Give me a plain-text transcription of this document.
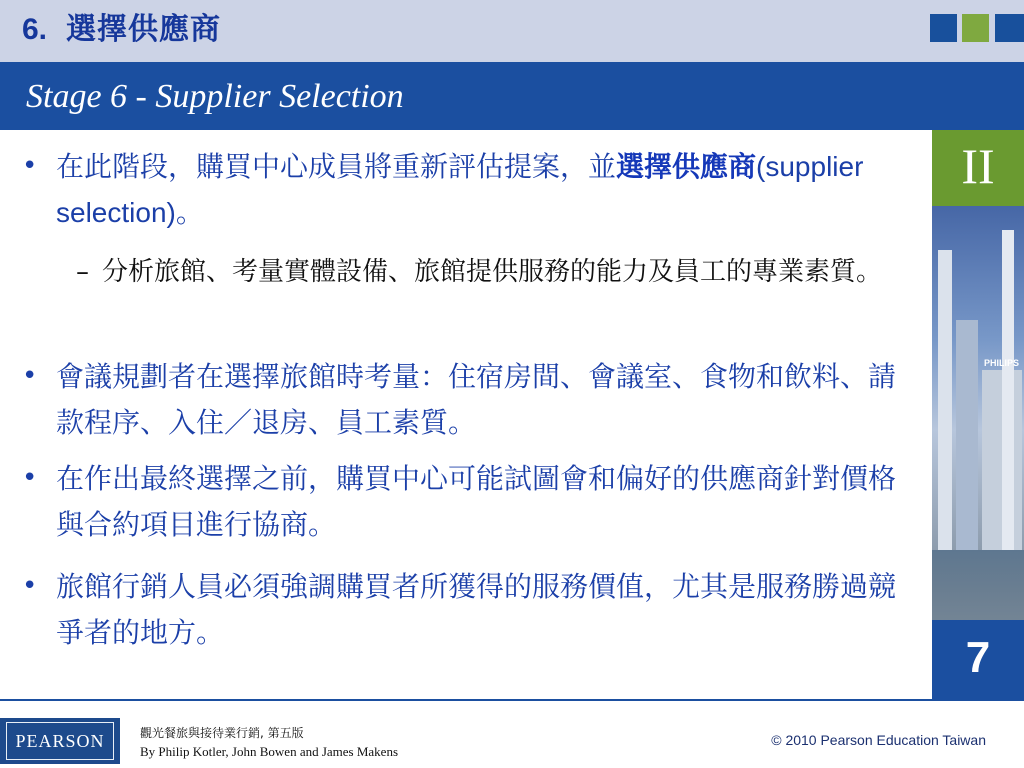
6. 選擇供應商
Stage 6 - Supplier Selection
II
PHILIPS
7
• 在此階段，購買中心成員將重新評估提案，並選擇供應商(supplier selection)。
– 分析旅館、考量實體設備、旅館提供服務的能力及員工的專業素質。
• 會議規劃者在選擇旅館時考量：住宿房間、會議室、食物和飲料、請款程序、入住／退房、員工素質。
• 在作出最終選擇之前，購買中心可能試圖會和偏好的供應商針對價格與合約項目進行協商。
• 旅館行銷人員必須強調購買者所獲得的服務價值，尤其是服務勝過競爭者的地方。
PEARSON	觀光餐旅與接待業行銷, 第五版
By Philip Kotler, John Bowen and James Makens
© 2010 Pearson Education Taiwan
